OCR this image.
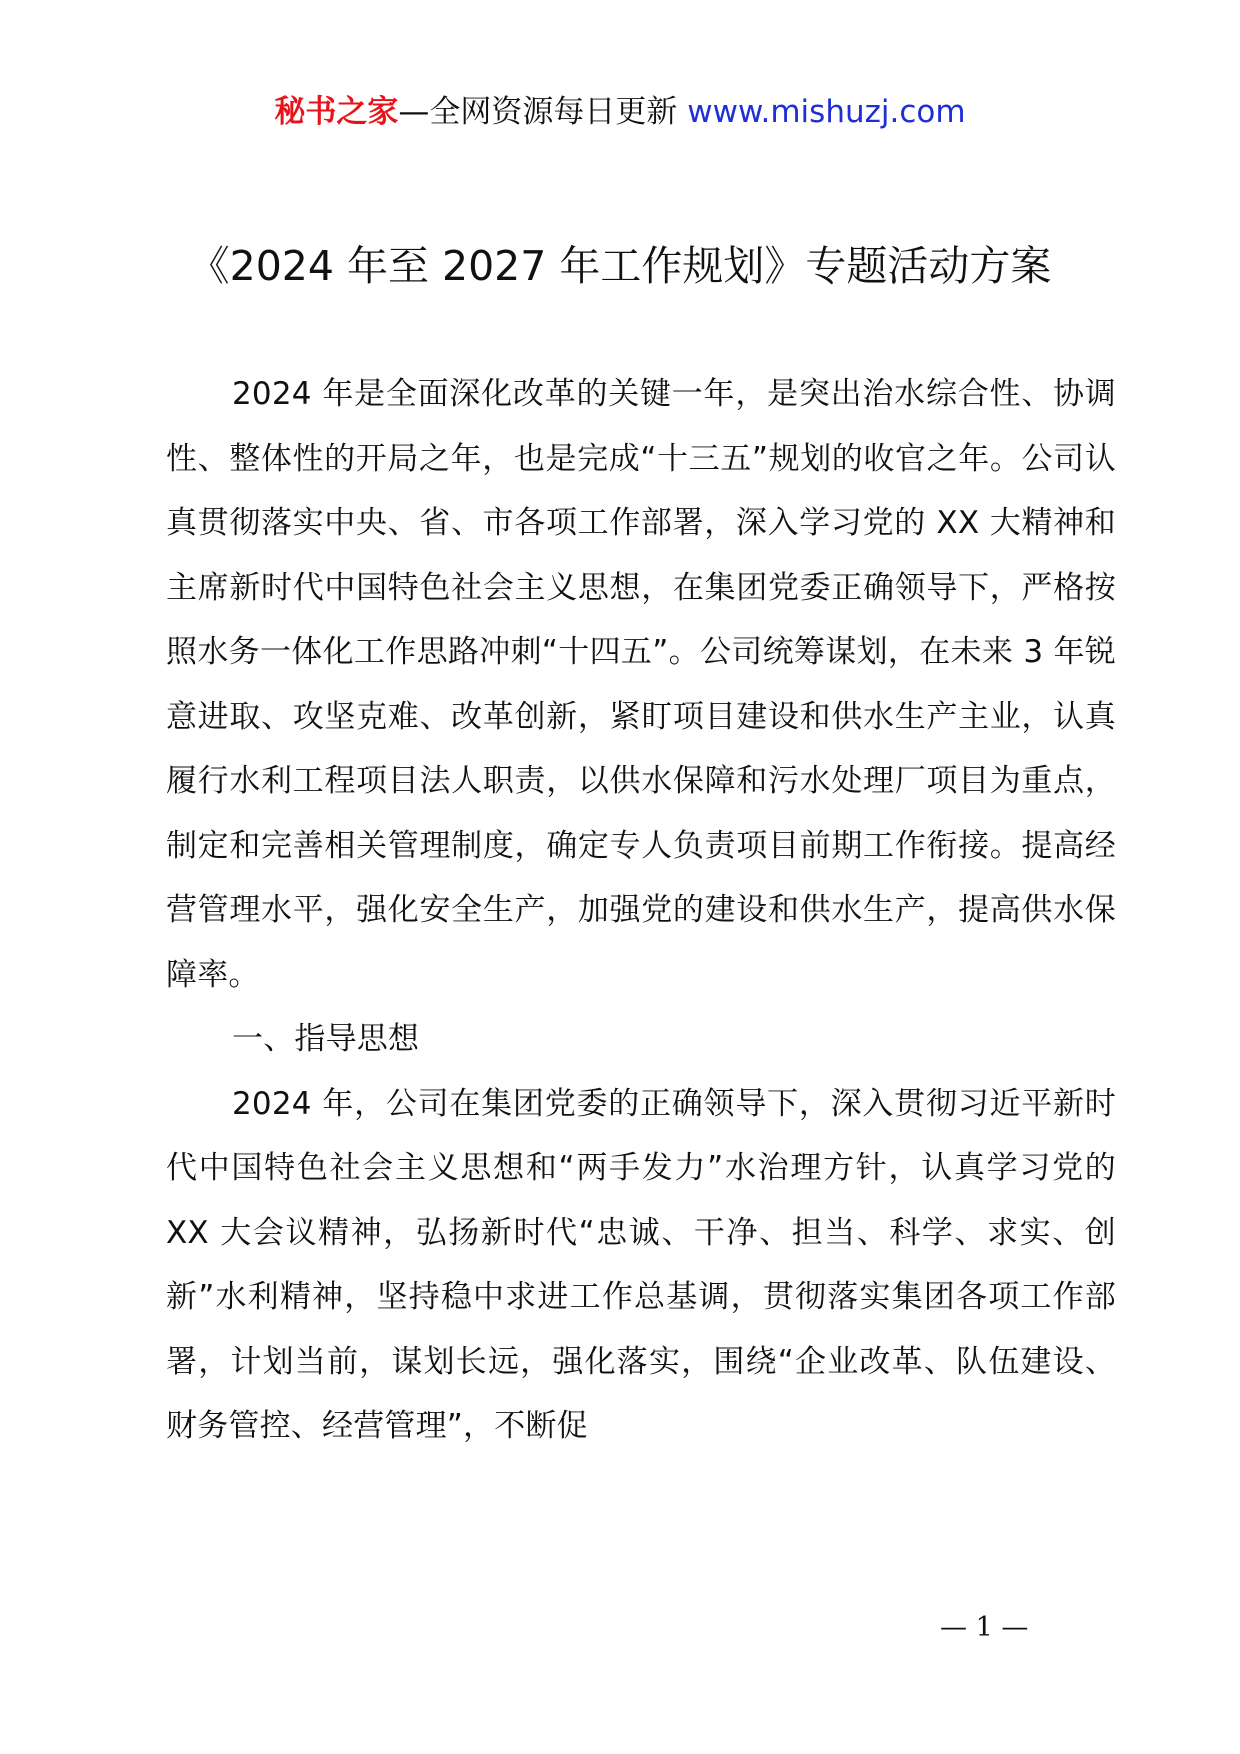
秘书之家—全网资源每日更新 www.mishuzj.com
《2024 年至 2027 年工作规划》专题活动方案

2024 年是全面深化改革的关键一年，是突出治水综合性、协调性、整体性的开局之年，也是完成“十三五”规划的收官之年。公司认真贯彻落实中央、省、市各项工作部署，深入学习党的 XX 大精神和主席新时代中国特色社会主义思想，在集团党委正确领导下，严格按照水务一体化工作思路冲刺“十四五”。公司统筹谋划，在未来 3 年锐意进取、攻坚克难、改革创新，紧盯项目建设和供水生产主业，认真履行水利工程项目法人职责，以供水保障和污水处理厂项目为重点，制定和完善相关管理制度，确定专人负责项目前期工作衔接。提高经营管理水平，强化安全生产，加强党的建设和供水生产，提高供水保障率。

一、指导思想

2024 年，公司在集团党委的正确领导下，深入贯彻习近平新时代中国特色社会主义思想和“两手发力”水治理方针，认真学习党的 XX 大会议精神，弘扬新时代“忠诚、干净、担当、科学、求实、创新”水利精神，坚持稳中求进工作总基调，贯彻落实集团各项工作部署，计划当前，谋划长远，强化落实，围绕“企业改革、队伍建设、财务管控、经营管理”，不断促

— 1 —
